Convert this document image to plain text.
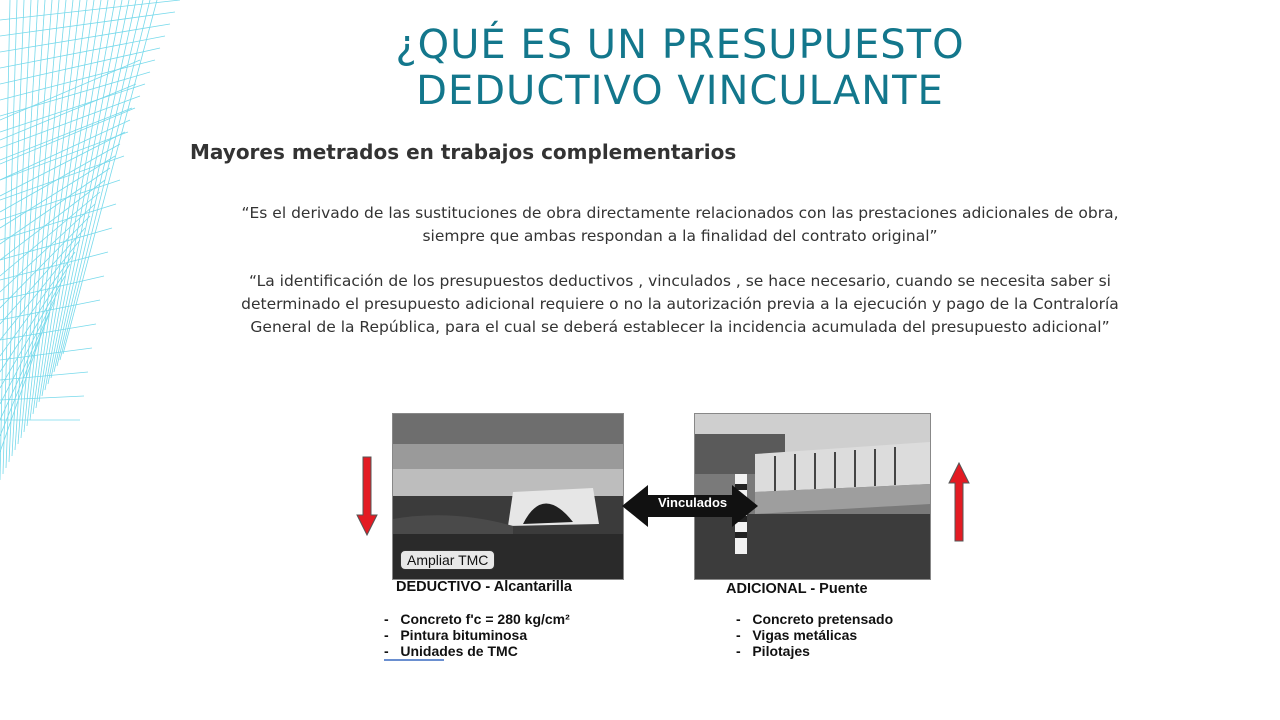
¿QUÉ ES UN PRESUPUESTO
DEDUCTIVO VINCULANTE
Mayores metrados en trabajos complementarios
“Es el derivado de las sustituciones de obra directamente relacionados con las prestaciones adicionales de obra, siempre que ambas respondan a la finalidad del contrato original”
“La identificación de los presupuestos deductivos , vinculados , se hace necesario, cuando se necesita saber si determinado el presupuesto adicional requiere o no la autorización previa a la ejecución y pago de la Contraloría General de la República, para el cual se deberá establecer la incidencia acumulada del presupuesto adicional”
Ampliar TMC
Vinculados
DEDUCTIVO - Alcantarilla	ADICIONAL - Puente
- Concreto f'c = 280 kg/cm²
- Pintura bituminosa
- Unidades de TMC
- Concreto pretensado
- Vigas metálicas
- Pilotajes
